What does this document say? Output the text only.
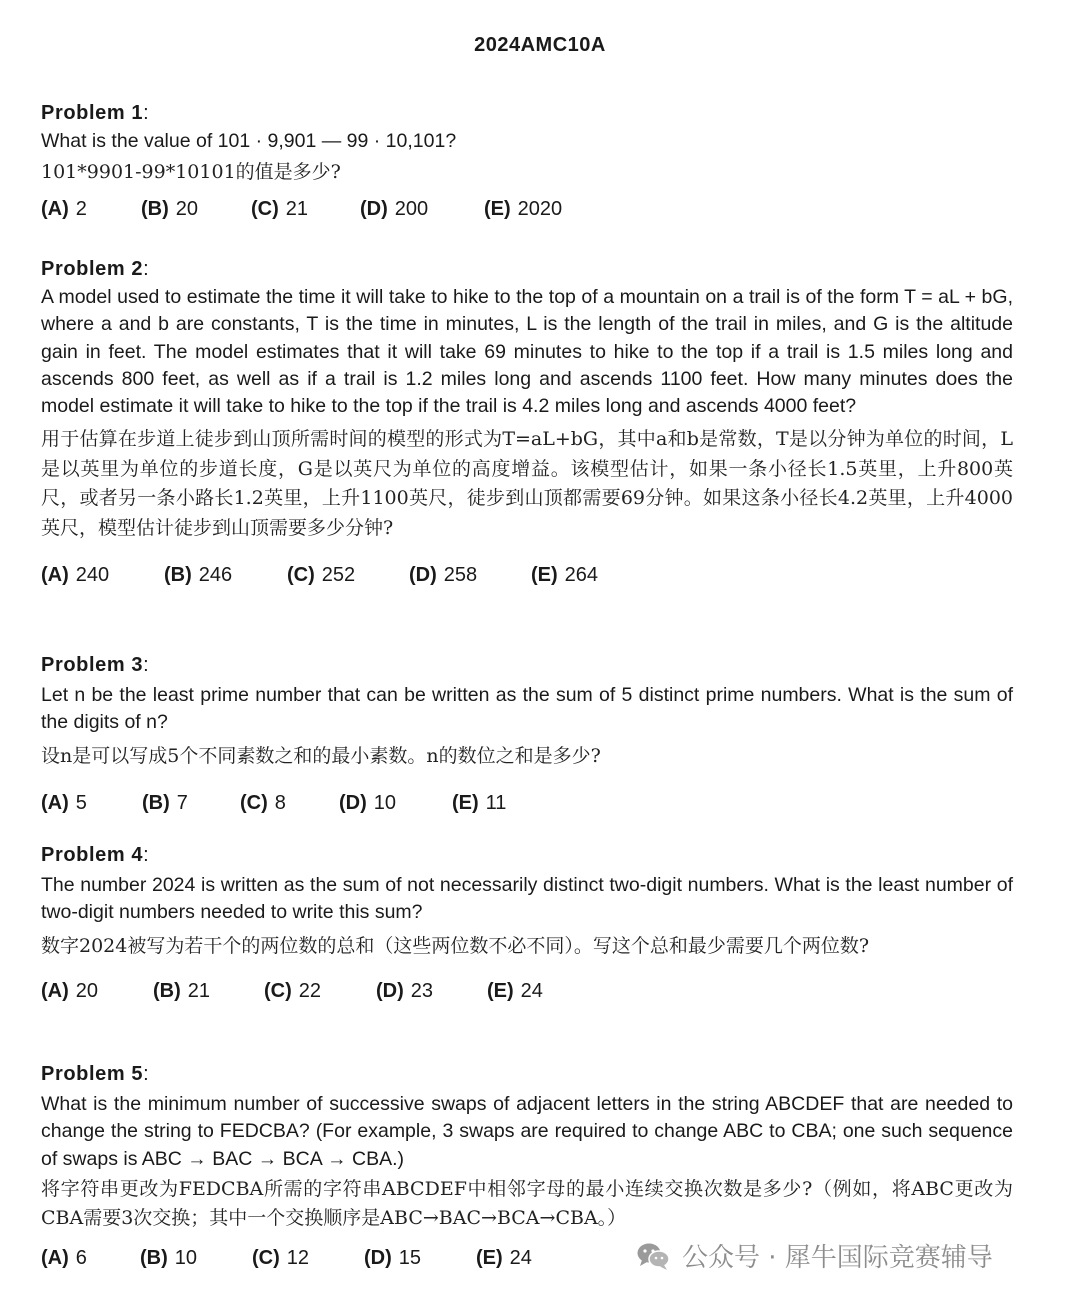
2024AMC10A
Problem 1:
What is the value of 101 · 9,901 — 99 · 10,101?
101*9901-99*10101的值是多少?
(A) 2	(B) 20	(C) 21	(D) 200	(E) 2020
Problem 2:
A model used to estimate the time it will take to hike to the top of a mountain on a trail is of the form T = aL + bG, where a and b are constants, T is the time in minutes, L is the length of the trail in miles, and G is the altitude gain in feet. The model estimates that it will take 69 minutes to hike to the top if a trail is 1.5 miles long and ascends 800 feet, as well as if a trail is 1.2 miles long and ascends 1100 feet. How many minutes does the model estimate it will take to hike to the top if the trail is 4.2 miles long and ascends 4000 feet?
用于估算在步道上徒步到山顶所需时间的模型的形式为T=aL+bG，其中a和b是常数，T是以分钟为单位的时间，L是以英里为单位的步道长度，G是以英尺为单位的高度增益。该模型估计，如果一条小径长1.5英里，上升800英尺，或者另一条小路长1.2英里，上升1100英尺，徒步到山顶都需要69分钟。如果这条小径长4.2英里，上升4000英尺，模型估计徒步到山顶需要多少分钟?
(A) 240	(B) 246	(C) 252	(D) 258	(E) 264
Problem 3:
Let n be the least prime number that can be written as the sum of 5 distinct prime numbers. What is the sum of the digits of n?
设n是可以写成5个不同素数之和的最小素数。n的数位之和是多少?
(A) 5	(B) 7	(C) 8	(D) 10	(E) 11
Problem 4:
The number 2024 is written as the sum of not necessarily distinct two-digit numbers. What is the least number of two-digit numbers needed to write this sum?
数字2024被写为若干个的两位数的总和（这些两位数不必不同）。写这个总和最少需要几个两位数?
(A) 20	(B) 21	(C) 22	(D) 23	(E) 24
Problem 5:
What is the minimum number of successive swaps of adjacent letters in the string ABCDEF that are needed to change the string to FEDCBA? (For example, 3 swaps are required to change ABC to CBA; one such sequence of swaps is ABC → BAC → BCA → CBA.)
将字符串更改为FEDCBA所需的字符串ABCDEF中相邻字母的最小连续交换次数是多少?（例如，将ABC更改为CBA需要3次交换；其中一个交换顺序是ABC→BAC→BCA→CBA。）
(A) 6	(B) 10	(C) 12	(D) 15	(E) 24	公众号 · 犀牛国际竞赛辅导
